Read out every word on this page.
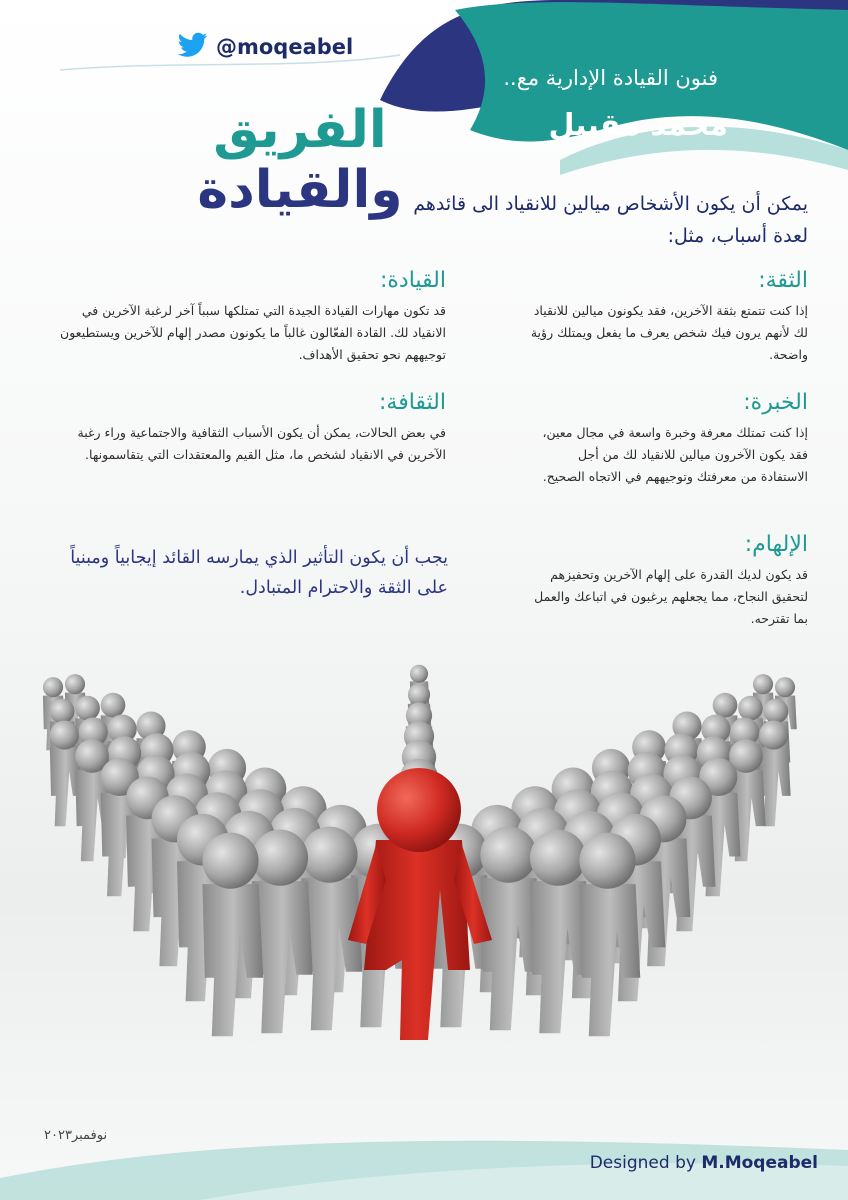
@moqeabel
فنون القيادة الإدارية مع..
محمد مقيبل
الفريق
والقيادة يمكن أن يكون الأشخاص ميالين للانقياد الى قائدهم لعدة أسباب، مثل:
الثقة:

إذا كنت تتمتع بثقة الآخرين، فقد يكونون ميالين للانقياد لك لأنهم يرون فيك شخص يعرف ما يفعل ويمتلك رؤية واضحة.

الخبرة:

إذا كنت تمتلك معرفة وخبرة واسعة في مجال معين، فقد يكون الآخرون ميالين للانقياد لك من أجل الاستفادة من معرفتك وتوجيههم في الاتجاه الصحيح.

الإلهام:

قد يكون لديك القدرة على إلهام الآخرين وتحفيزهم لتحقيق النجاح، مما يجعلهم يرغبون في اتباعك والعمل بما تقترحه.

القيادة:

قد تكون مهارات القيادة الجيدة التي تمتلكها سبباً آخر لرغبة الآخرين في الانقياد لك. القادة الفعّالون غالباً ما يكونون مصدر إلهام للآخرين ويستطيعون توجيههم نحو تحقيق الأهداف.

الثقافة:

في بعض الحالات، يمكن أن يكون الأسباب الثقافية والاجتماعية وراء رغبة الآخرين في الانقياد لشخص ما، مثل القيم والمعتقدات التي يتقاسمونها.

يجب أن يكون التأثير الذي يمارسه القائد إيجابياً ومبنياً على الثقة والاحترام المتبادل.
نوفمبر٢٠٢٣
Designed by M.Moqeabel
